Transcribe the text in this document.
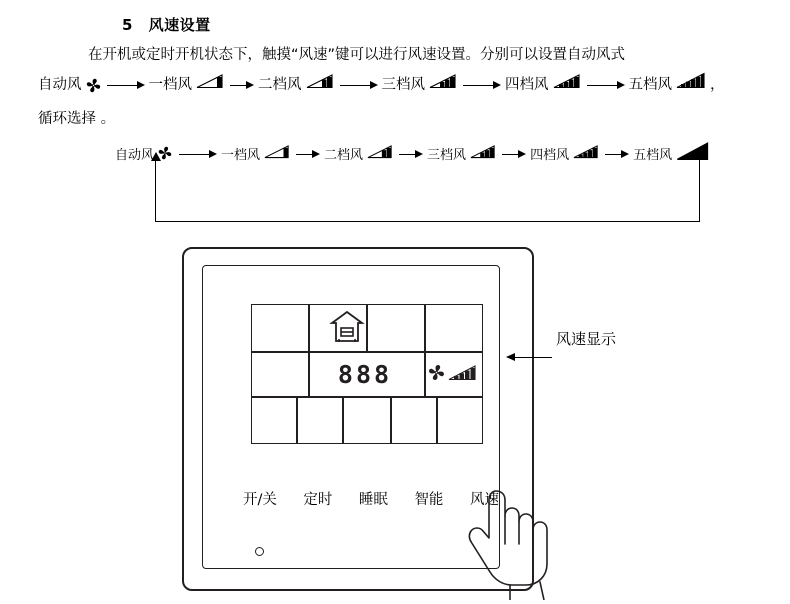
5 风速设置
在开机或定时开机状态下，触摸“风速”键可以进行风速设置。分别可以设置自动风式
自动风	一档风	二档风	三档风	四档风	五档风	，
循环选择 。
自动风	一档风	二档风	三档风	四档风	五档风
888
开/关 定时 睡眠 智能 风速
风速显示
